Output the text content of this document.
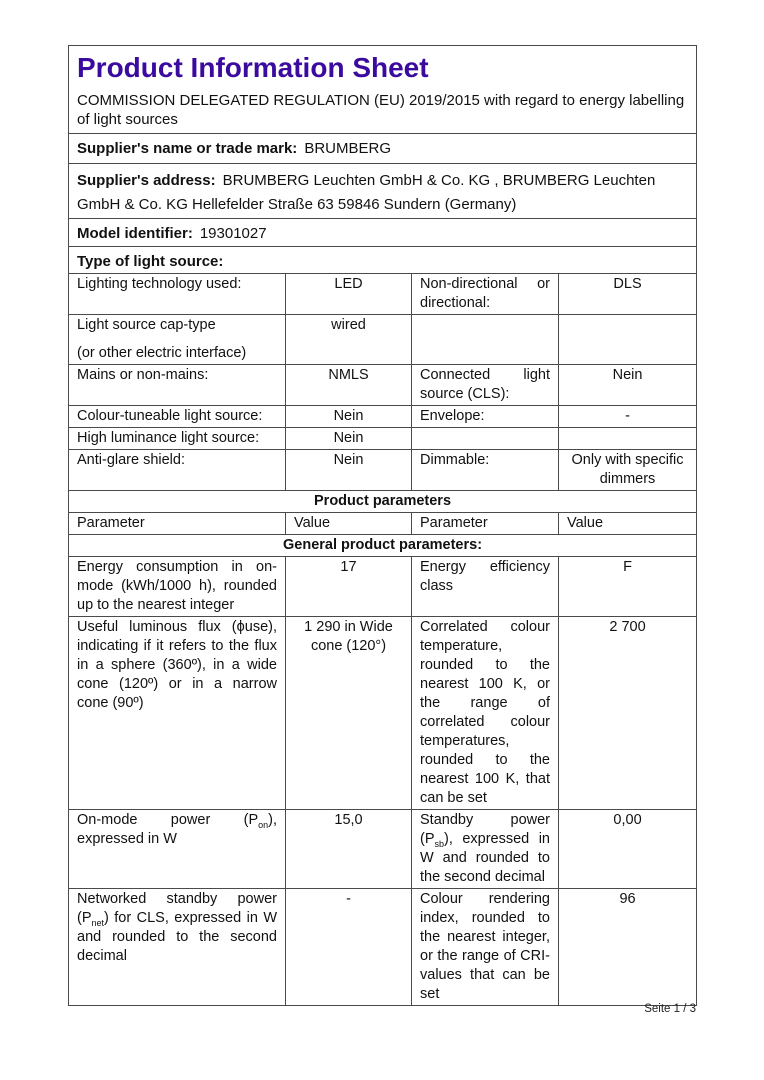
Product Information Sheet
COMMISSION DELEGATED REGULATION (EU) 2019/2015 with regard to energy labelling of light sources			

Supplier's name or trade mark: BRUMBERG			
Supplier's address: BRUMBERG Leuchten GmbH & Co. KG , BRUMBERG Leuchten GmbH & Co. KG Hellefelder Straße 63 59846 Sundern (Germany)			
Model identifier: 19301027			
Type of light source:			
Lighting technology used:	LED	Non-directional or directional:	DLS

Light source cap-type
(or other electric interface)	wired		
Mains or non-mains:	NMLS	Connected light source (CLS):	Nein
Colour-tuneable light source:	Nein	Envelope:	-
High luminance light source:	Nein		
Anti-glare shield:	Nein	Dimmable:	Only with specific dimmers
Product parameters			
Parameter	Value	Parameter	Value
General product parameters:			
Energy consumption in on-mode (kWh/1000 h), rounded up to the nearest integer	17	Energy efficiency class	F
Useful luminous flux (ϕuse), indicating if it refers to the flux in a sphere (360º), in a wide cone (120º) or in a narrow cone (90º)	1 290 in Wide cone (120°)	Correlated colour temperature, rounded to the nearest 100 K, or the range of correlated colour temperatures, rounded to the nearest 100 K, that can be set	2 700
On-mode power $(P_{on})$, expressed in W	15,0	Standby power $(P_{sb})$, expressed in W and rounded to the second decimal	0,00
Networked standby power $(P_{net})$ for CLS, expressed in W and rounded to the second decimal	-	Colour rendering index, rounded to the nearest integer, or the range of CRI-values that can be set	96
Seite 1 / 3
